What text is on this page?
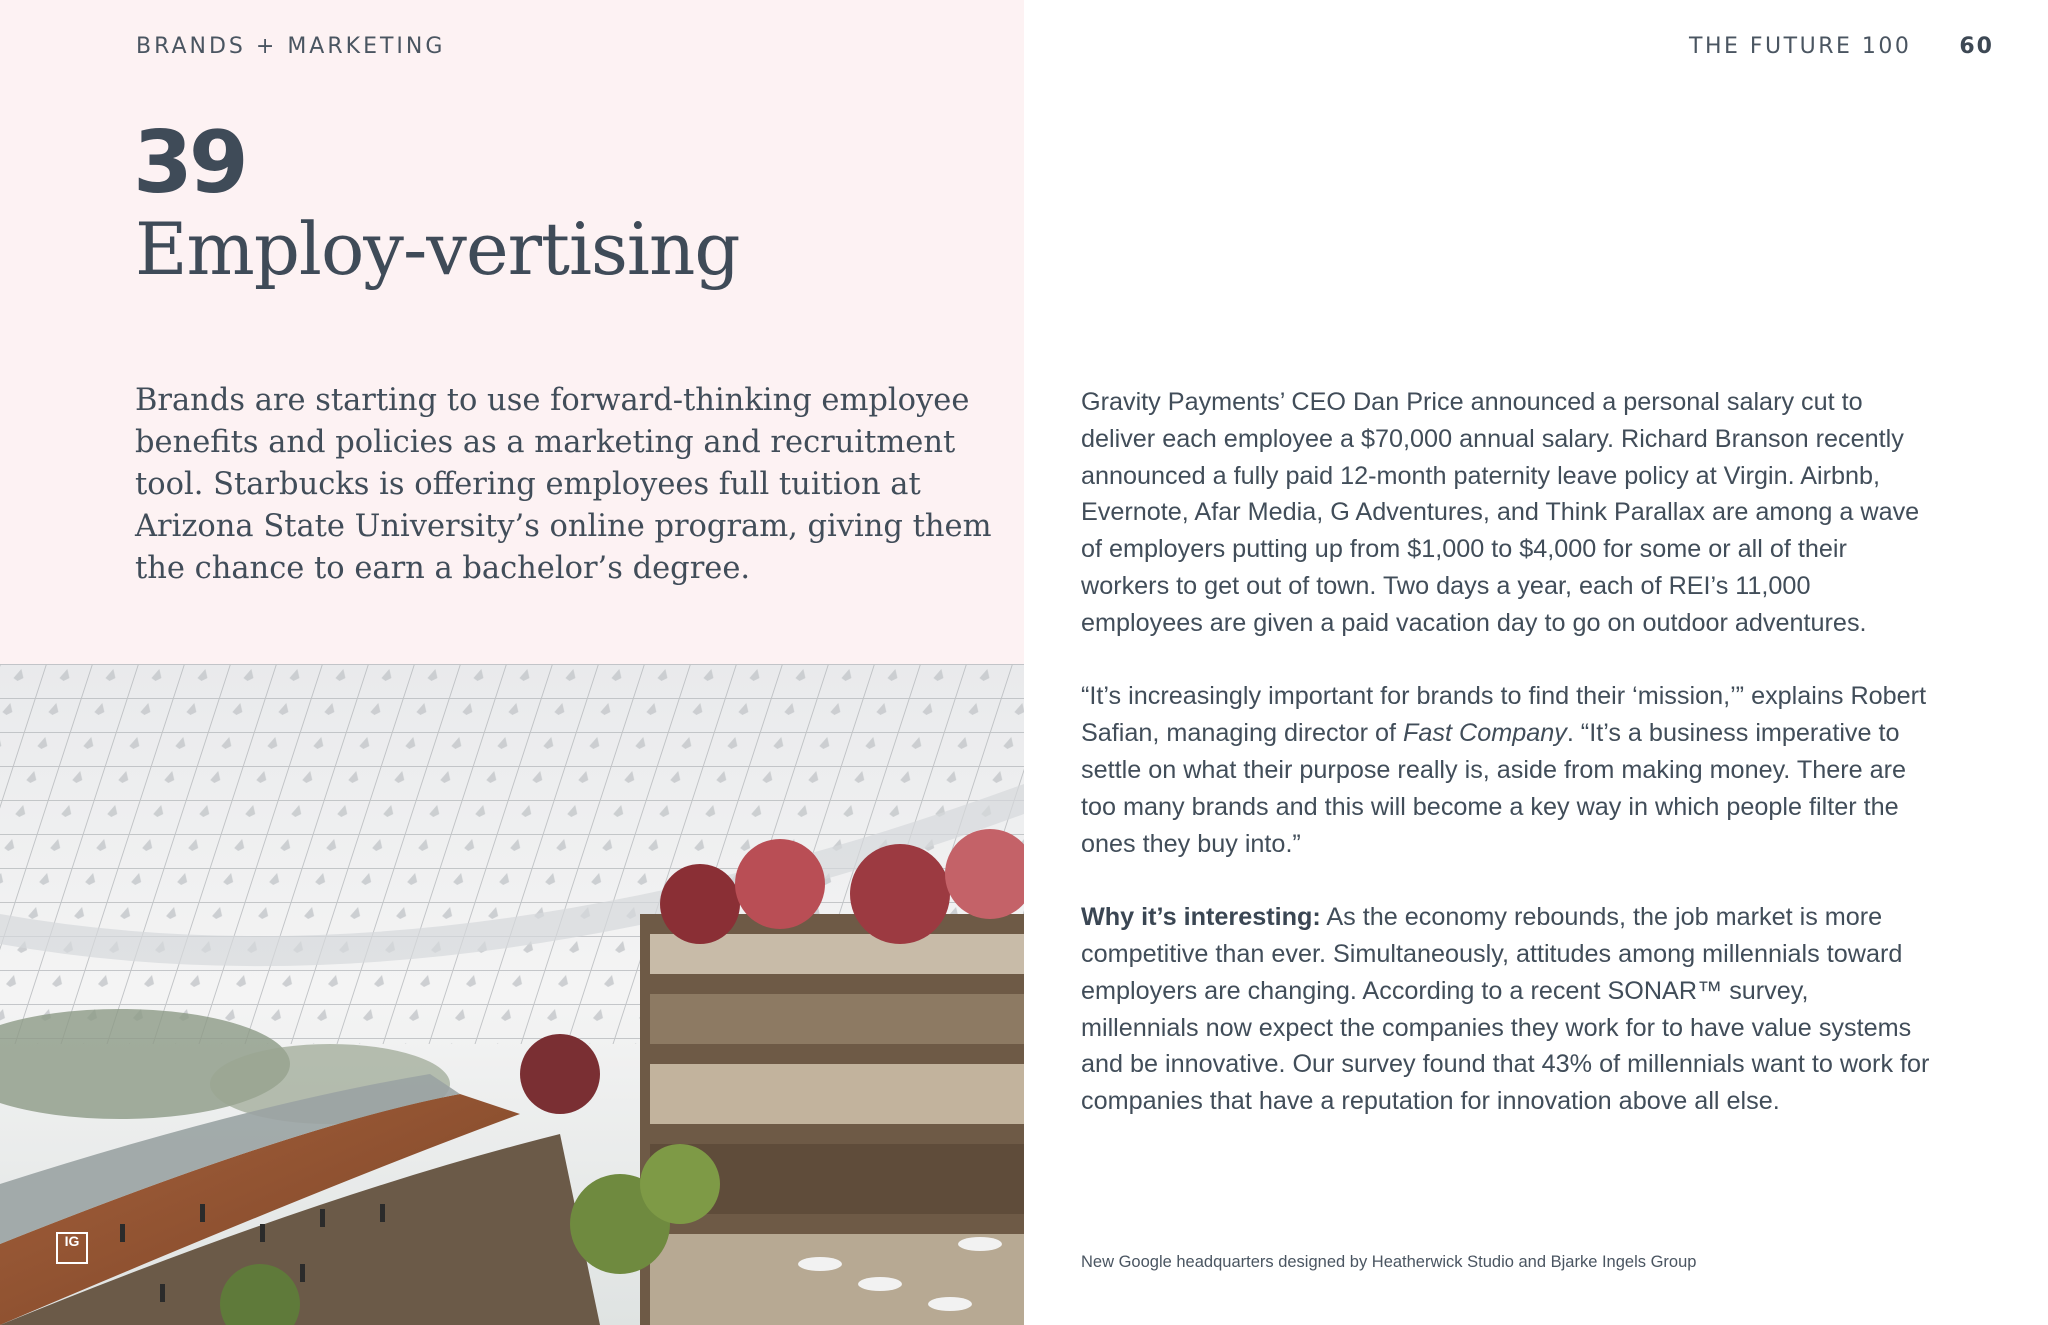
BRANDS + MARKETING	THE FUTURE 100 60
39
Employ-vertising

Brands are starting to use forward-thinking employee benefits and policies as a marketing and recruitment tool. Starbucks is offering employees full tuition at Arizona State University’s online program, giving them the chance to earn a bachelor’s degree.

IG

Gravity Payments’ CEO Dan Price announced a personal salary cut to deliver each employee a $70,000 annual salary. Richard Branson recently announced a fully paid 12-month paternity leave policy at Virgin. Airbnb, Evernote, Afar Media, G Adventures, and Think Parallax are among a wave of employers putting up from $1,000 to $4,000 for some or all of their workers to get out of town. Two days a year, each of REI’s 11,000 employees are given a paid vacation day to go on outdoor adventures.

“It’s increasingly important for brands to find their ‘mission,’” explains Robert Safian, managing director of Fast Company. “It’s a business imperative to settle on what their purpose really is, aside from making money. There are too many brands and this will become a key way in which people filter the ones they buy into.”

Why it’s interesting: As the economy rebounds, the job market is more competitive than ever. Simultaneously, attitudes among millennials toward employers are changing. According to a recent SONAR™ survey, millennials now expect the companies they work for to have value systems and be innovative. Our survey found that 43% of millennials want to work for companies that have a reputation for innovation above all else.

New Google headquarters designed by Heatherwick Studio and Bjarke Ingels Group
